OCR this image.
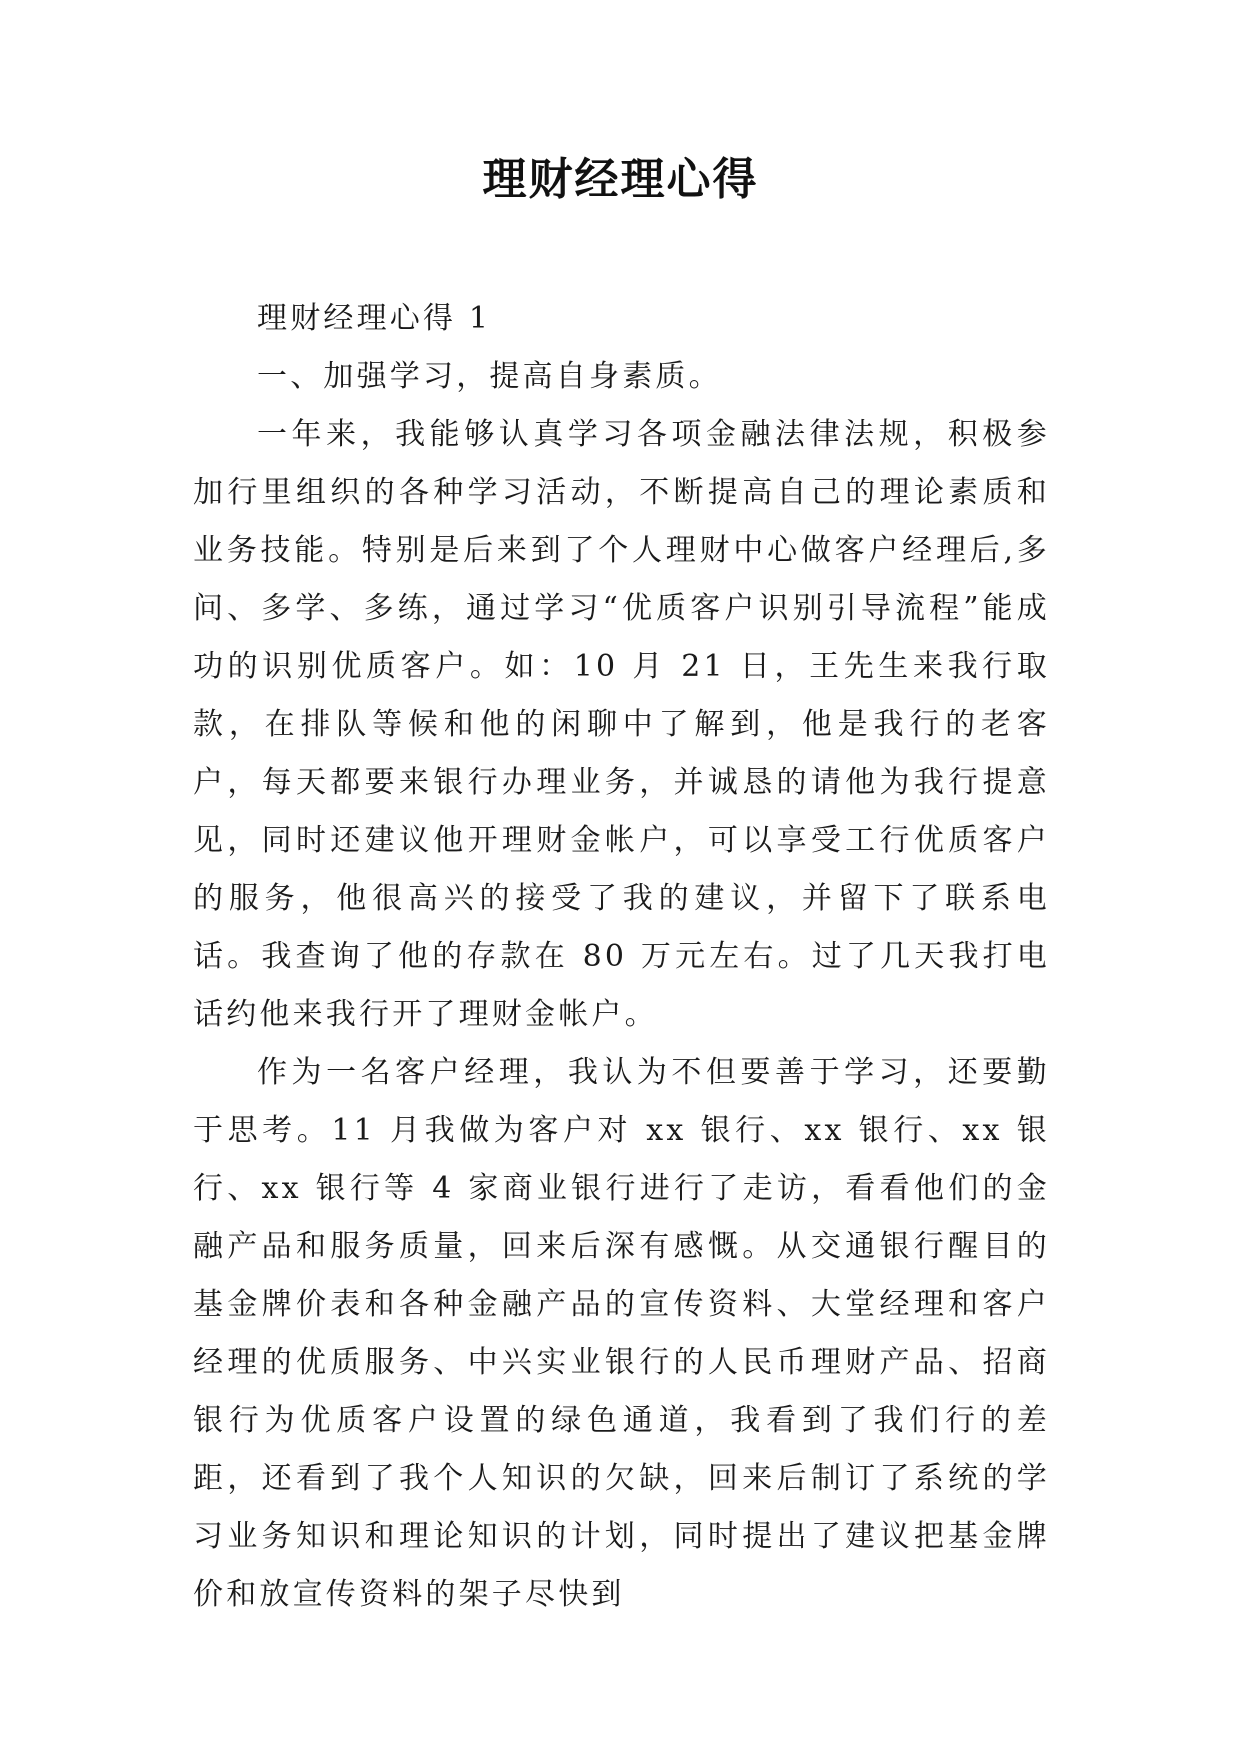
理财经理心得

理财经理心得 1

一、加强学习，提高自身素质。

一年来，我能够认真学习各项金融法律法规，积极参加行里组织的各种学习活动，不断提高自己的理论素质和业务技能。特别是后来到了个人理财中心做客户经理后,多问、多学、多练，通过学习“优质客户识别引导流程”能成功的识别优质客户。如：10 月 21 日，王先生来我行取款，在排队等候和他的闲聊中了解到，他是我行的老客户，每天都要来银行办理业务，并诚恳的请他为我行提意见，同时还建议他开理财金帐户，可以享受工行优质客户的服务，他很高兴的接受了我的建议，并留下了联系电话。我查询了他的存款在 80 万元左右。过了几天我打电话约他来我行开了理财金帐户。

作为一名客户经理，我认为不但要善于学习，还要勤于思考。11 月我做为客户对 xx 银行、xx 银行、xx 银行、xx 银行等 4 家商业银行进行了走访，看看他们的金融产品和服务质量，回来后深有感慨。从交通银行醒目的基金牌价表和各种金融产品的宣传资料、大堂经理和客户经理的优质服务、中兴实业银行的人民币理财产品、招商银行为优质客户设置的绿色通道，我看到了我们行的差距，还看到了我个人知识的欠缺，回来后制订了系统的学习业务知识和理论知识的计划，同时提出了建议把基金牌价和放宣传资料的架子尽快到
